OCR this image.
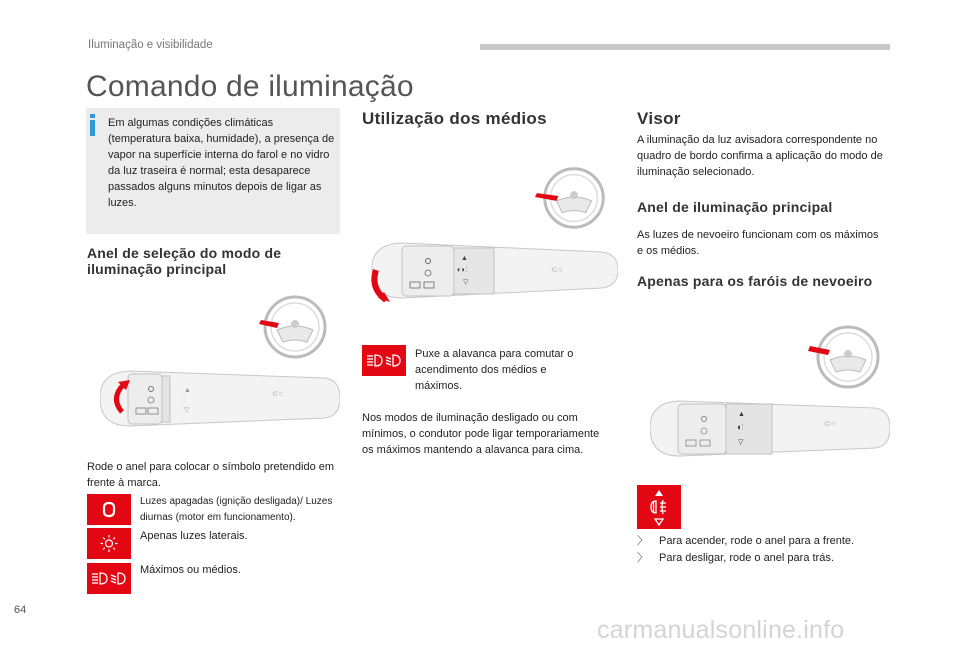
Iluminação e visibilidade
Comando de iluminação
Em algumas condições climáticas (temperatura baixa, humidade), a presença de vapor na superfície interna do farol e no vidro da luz traseira é normal; esta desaparece passados alguns minutos depois de ligar as luzes.
Anel de seleção do modo de iluminação principal
▲
⫶
▽
⊂○
Rode o anel para colocar o símbolo pretendido em frente à marca.
Luzes apagadas (ignição desligada)/ Luzes diurnas (motor em funcionamento).
Apenas luzes laterais.
Máximos ou médios.
Utilização dos médios
▲
◖◗⫶
▽
⊂○
Puxe a alavanca para comutar o acendimento dos médios e máximos.
Nos modos de iluminação desligado ou com mínimos, o condutor pode ligar temporariamente os máximos mantendo a alavanca para cima.
Visor
A iluminação da luz avisadora correspondente no quadro de bordo confirma a aplicação do modo de iluminação selecionado.
Anel de iluminação principal
As luzes de nevoeiro funcionam com os máximos e os médios.
Apenas para os faróis de nevoeiro
▲
◖⫶
▽
⊂○
〉 Para acender, rode o anel para a frente.
〉 Para desligar, rode o anel para trás.
64
carmanualsonline.info
